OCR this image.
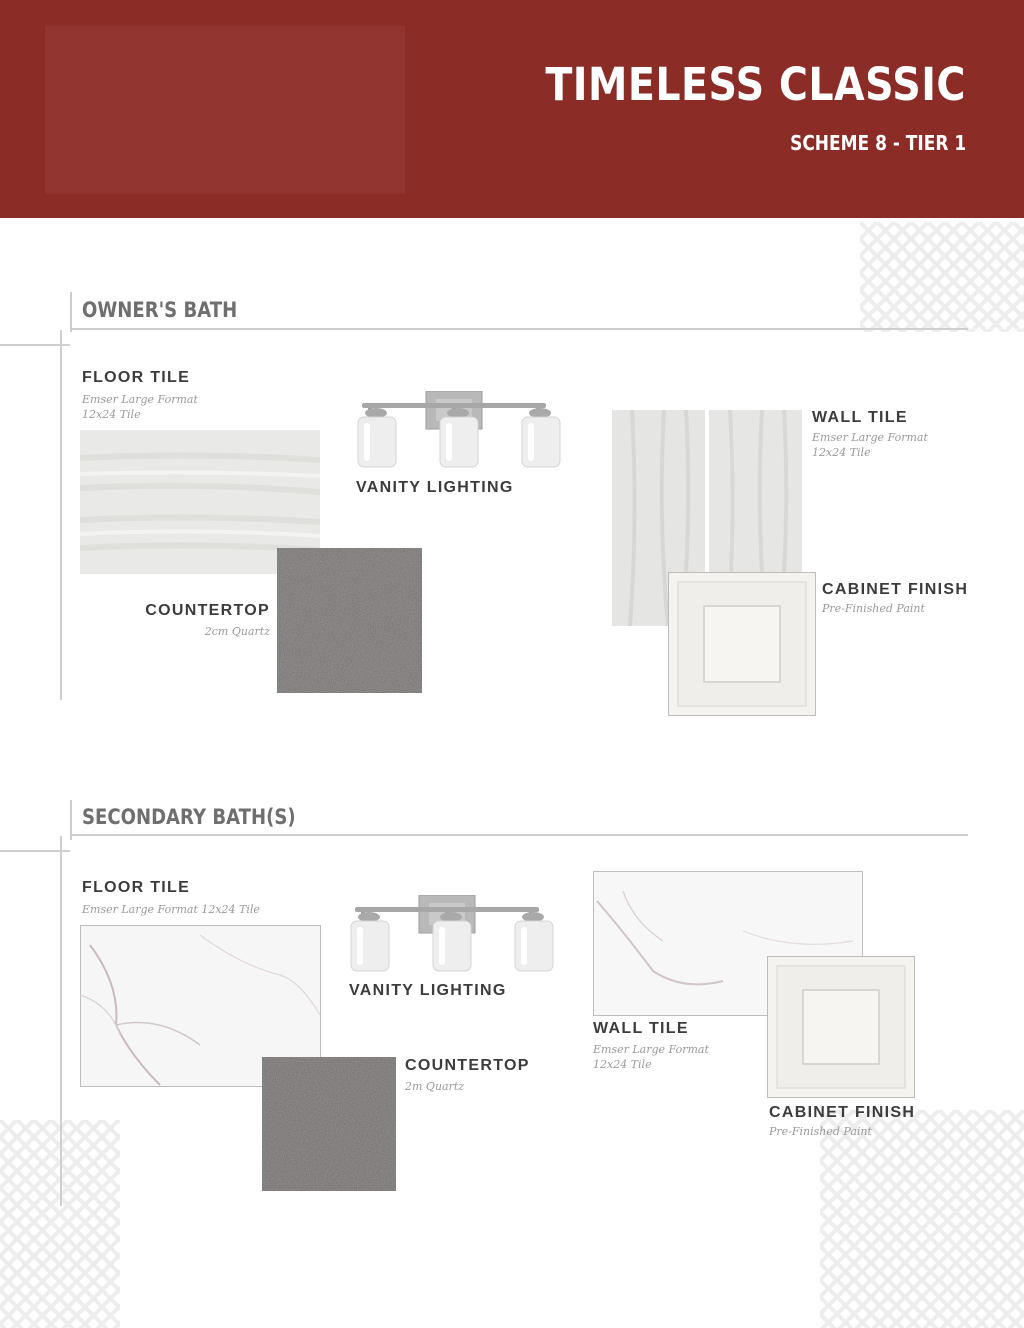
TIMELESS CLASSIC
SCHEME 8 - TIER 1
OWNER'S BATH
FLOOR TILE
Emser Large Format
12x24 Tile
VANITY LIGHTING
COUNTERTOP
2cm Quartz
WALL TILE
Emser Large Format
12x24 Tile
CABINET FINISH
Pre-Finished Paint
SECONDARY BATH(S)
FLOOR TILE
Emser Large Format 12x24 Tile
VANITY LIGHTING
COUNTERTOP
2m Quartz
WALL TILE
Emser Large Format
12x24 Tile
CABINET FINISH
Pre-Finished Paint
